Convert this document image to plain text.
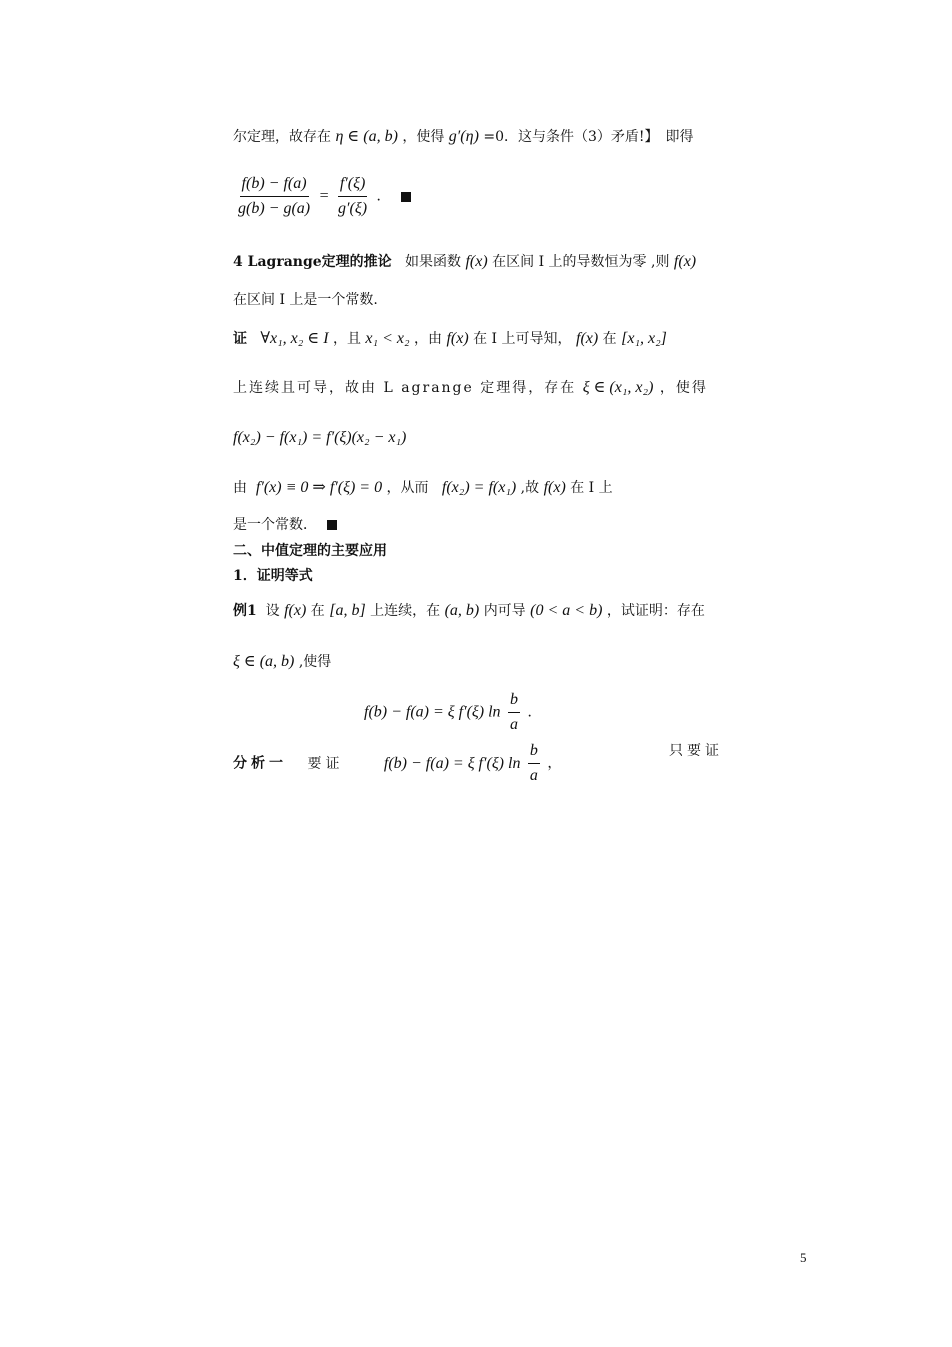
尔定理，故存在 η ∈ (a, b) ，使得 g′(η) =0．这与条件（3）矛盾!】　即得
$\frac{f(b) - f(a)}{g(b) - g(a)} = \frac{f'(\xi)}{g'(\xi)}$ ．
4 Lagrange定理的推论 如果函数 f(x) 在区间 I 上的导数恒为零 ,则 f(x)
在区间 I 上是一个常数.
证 ∀x₁, x₂ ∈ I ，且 x₁ < x₂ ，由 f(x) 在 I 上可导知， f(x) 在 [x₁, x₂]
上连续且可导，故由 L agrange 定理得，存在 ξ ∈ (x₁, x₂) ，使得
f(x₂) − f(x₁) = f′(ξ)(x₂ − x₁)
由 f′(x) ≡ 0 ⇒ f′(ξ) = 0 ，从而 f(x₂) = f(x₁) ,故 f(x) 在 I 上
是一个常数．
二、中值定理的主要应用
1．证明等式
例1 设 f(x) 在 [a, b] 上连续，在 (a, b) 内可导 (0 < a < b) ，试证明：存在
ξ ∈ (a, b) ,使得
f(b) − f(a) = ξ f′(ξ) $\ln \frac{b}{a}$ ．
分析一 要证	f(b) − f(a) = ξ f′(ξ) $\ln \frac{b}{a}$ ，
只要证
5
